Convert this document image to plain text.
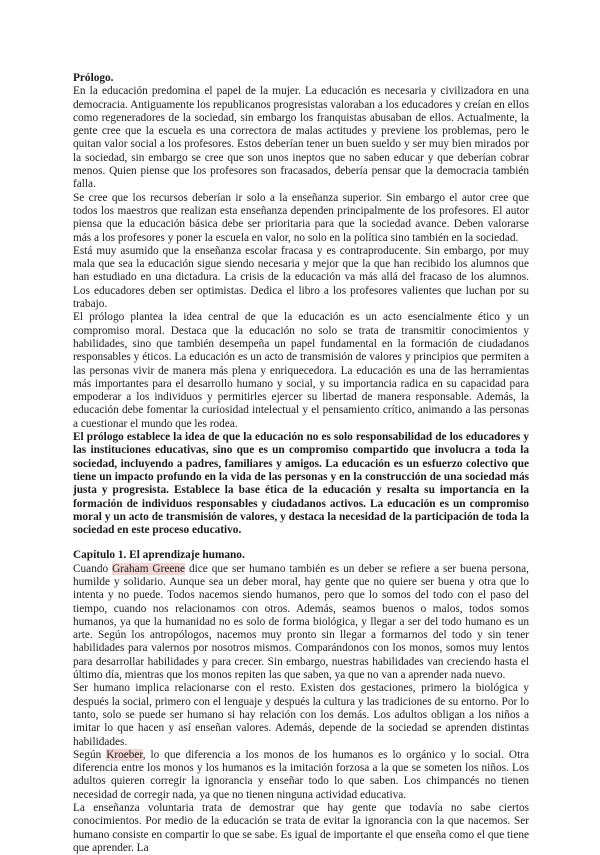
Prólogo.

En la educación predomina el papel de la mujer. La educación es necesaria y civilizadora en una democracia. Antiguamente los republicanos progresistas valoraban a los educadores y creían en ellos como regeneradores de la sociedad, sin embargo los franquistas abusaban de ellos. Actualmente, la gente cree que la escuela es una correctora de malas actitudes y previene los problemas, pero le quitan valor social a los profesores. Estos deberían tener un buen sueldo y ser muy bien mirados por la sociedad, sin embargo se cree que son unos ineptos que no saben educar y que deberían cobrar menos. Quien piense que los profesores son fracasados, debería pensar que la democracia también falla.

Se cree que los recursos deberían ir solo a la enseñanza superior. Sin embargo el autor cree que todos los maestros que realizan esta enseñanza dependen principalmente de los profesores. El autor piensa que la educación básica debe ser prioritaria para que la sociedad avance. Deben valorarse más a los profesores y poner la escuela en valor, no solo en la política sino también en la sociedad.

Está muy asumido que la enseñanza escolar fracasa y es contraproducente. Sin embargo, por muy mala que sea la educación sigue siendo necesaria y mejor que la que han recibido los alumnos que han estudiado en una dictadura. La crisis de la educación va más allá del fracaso de los alumnos. Los educadores deben ser optimistas. Dedica el libro a los profesores valientes que luchan por su trabajo.

El prólogo plantea la idea central de que la educación es un acto esencialmente ético y un compromiso moral. Destaca que la educación no solo se trata de transmitir conocimientos y habilidades, sino que también desempeña un papel fundamental en la formación de ciudadanos responsables y éticos. La educación es un acto de transmisión de valores y principios que permiten a las personas vivir de manera más plena y enriquecedora. La educación es una de las herramientas más importantes para el desarrollo humano y social, y su importancia radica en su capacidad para empoderar a los individuos y permitirles ejercer su libertad de manera responsable. Además, la educación debe fomentar la curiosidad intelectual y el pensamiento crítico, animando a las personas a cuestionar el mundo que les rodea.

El prólogo establece la idea de que la educación no es solo responsabilidad de los educadores y las instituciones educativas, sino que es un compromiso compartido que involucra a toda la sociedad, incluyendo a padres, familiares y amigos. La educación es un esfuerzo colectivo que tiene un impacto profundo en la vida de las personas y en la construcción de una sociedad más justa y progresista. Establece la base ética de la educación y resalta su importancia en la formación de individuos responsables y ciudadanos activos. La educación es un compromiso moral y un acto de transmisión de valores, y destaca la necesidad de la participación de toda la sociedad en este proceso educativo.

Capítulo 1. El aprendizaje humano.

Cuando Graham Greene dice que ser humano también es un deber se refiere a ser buena persona, humilde y solidario. Aunque sea un deber moral, hay gente que no quiere ser buena y otra que lo intenta y no puede. Todos nacemos siendo humanos, pero que lo somos del todo con el paso del tiempo, cuando nos relacionamos con otros. Además, seamos buenos o malos, todos somos humanos, ya que la humanidad no es solo de forma biológica, y llegar a ser del todo humano es un arte. Según los antropólogos, nacemos muy pronto sin llegar a formarnos del todo y sin tener habilidades para valernos por nosotros mismos. Comparándonos con los monos, somos muy lentos para desarrollar habilidades y para crecer. Sin embargo, nuestras habilidades van creciendo hasta el último día, mientras que los monos repiten las que saben, ya que no van a aprender nada nuevo.

Ser humano implica relacionarse con el resto. Existen dos gestaciones, primero la biológica y después la social, primero con el lenguaje y después la cultura y las tradiciones de su entorno. Por lo tanto, solo se puede ser humano si hay relación con los demás. Los adultos obligan a los niños a imitar lo que hacen y así enseñan valores. Además, depende de la sociedad se aprenden distintas habilidades.

Según Kroeber, lo que diferencia a los monos de los humanos es lo orgánico y lo social. Otra diferencia entre los monos y los humanos es la imitación forzosa a la que se someten los niños. Los adultos quieren corregir la ignorancia y enseñar todo lo que saben. Los chimpancés no tienen necesidad de corregir nada, ya que no tienen ninguna actividad educativa.

La enseñanza voluntaria trata de demostrar que hay gente que todavía no sabe ciertos conocimientos. Por medio de la educación se trata de evitar la ignorancia con la que nacemos. Ser humano consiste en compartir lo que se sabe. Es igual de importante el que enseña como el que tiene que aprender. La
